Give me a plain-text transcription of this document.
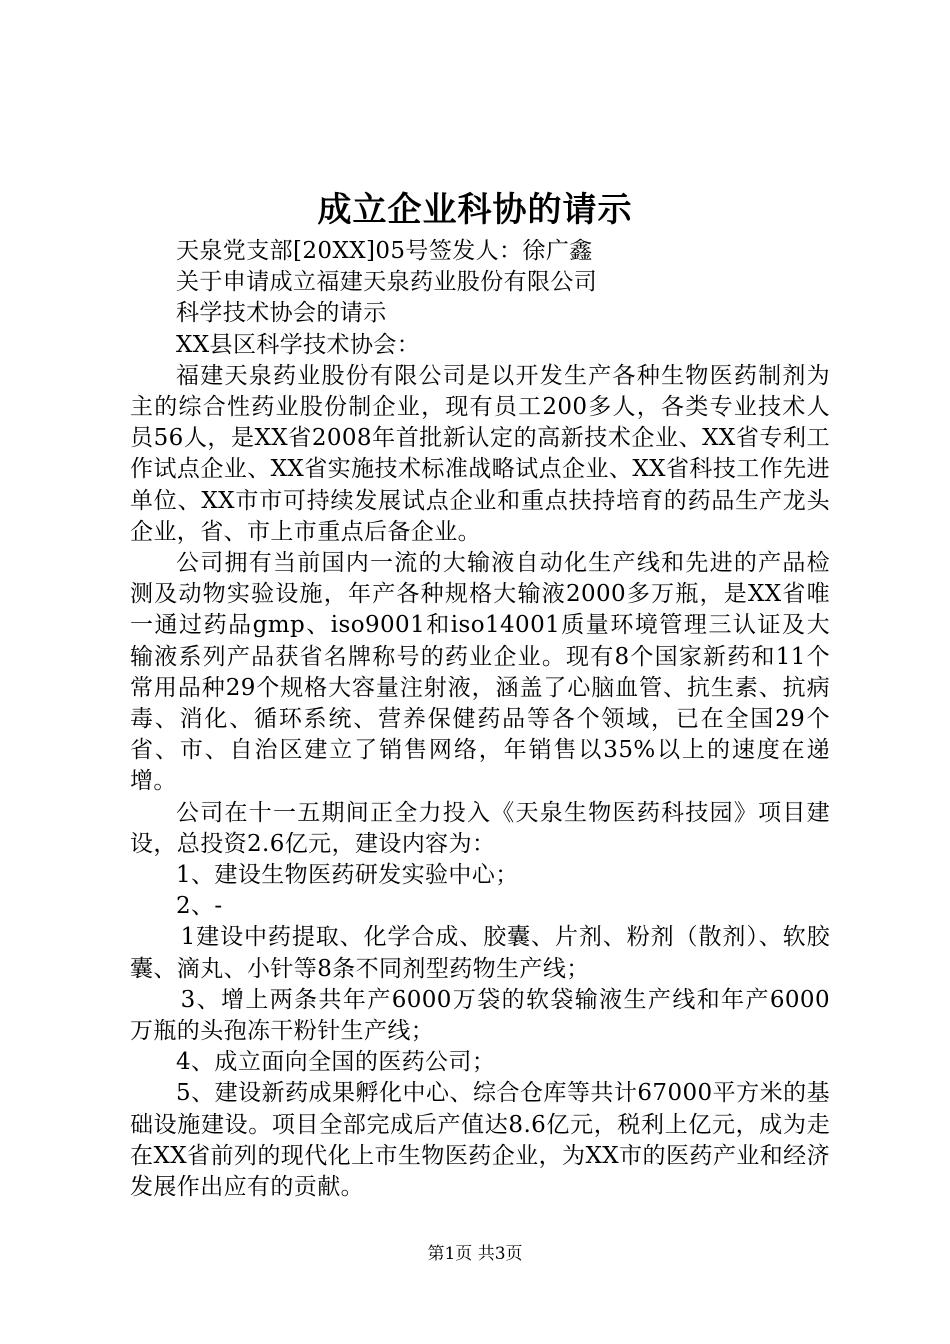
成立企业科协的请示

天泉党支部[20XX]05号签发人：徐广鑫

关于申请成立福建天泉药业股份有限公司

科学技术协会的请示

XX县区科学技术协会：

福建天泉药业股份有限公司是以开发生产各种生物医药制剂为主的综合性药业股份制企业，现有员工200多人，各类专业技术人员56人，是XX省2008年首批新认定的高新技术企业、XX省专利工作试点企业、XX省实施技术标准战略试点企业、XX省科技工作先进单位、XX市市可持续发展试点企业和重点扶持培育的药品生产龙头企业，省、市上市重点后备企业。

公司拥有当前国内一流的大输液自动化生产线和先进的产品检测及动物实验设施，年产各种规格大输液2000多万瓶，是XX省唯一通过药品gmp、iso9001和iso14001质量环境管理三认证及大输液系列产品获省名牌称号的药业企业。现有8个国家新药和11个常用品种29个规格大容量注射液，涵盖了心脑血管、抗生素、抗病毒、消化、循环系统、营养保健药品等各个领域，已在全国29个省、市、自治区建立了销售网络，年销售以35%以上的速度在递增。

公司在十一五期间正全力投入《天泉生物医药科技园》项目建设，总投资2.6亿元，建设内容为：

1、建设生物医药研发实验中心；

2、-

1建设中药提取、化学合成、胶囊、片剂、粉剂（散剂）、软胶囊、滴丸、小针等8条不同剂型药物生产线；

3、增上两条共年产6000万袋的软袋输液生产线和年产6000万瓶的头孢冻干粉针生产线；

4、成立面向全国的医药公司；

5、建设新药成果孵化中心、综合仓库等共计67000平方米的基础设施建设。项目全部完成后产值达8.6亿元，税利上亿元，成为走在XX省前列的现代化上市生物医药企业，为XX市的医药产业和经济发展作出应有的贡献。

第1页 共3页
